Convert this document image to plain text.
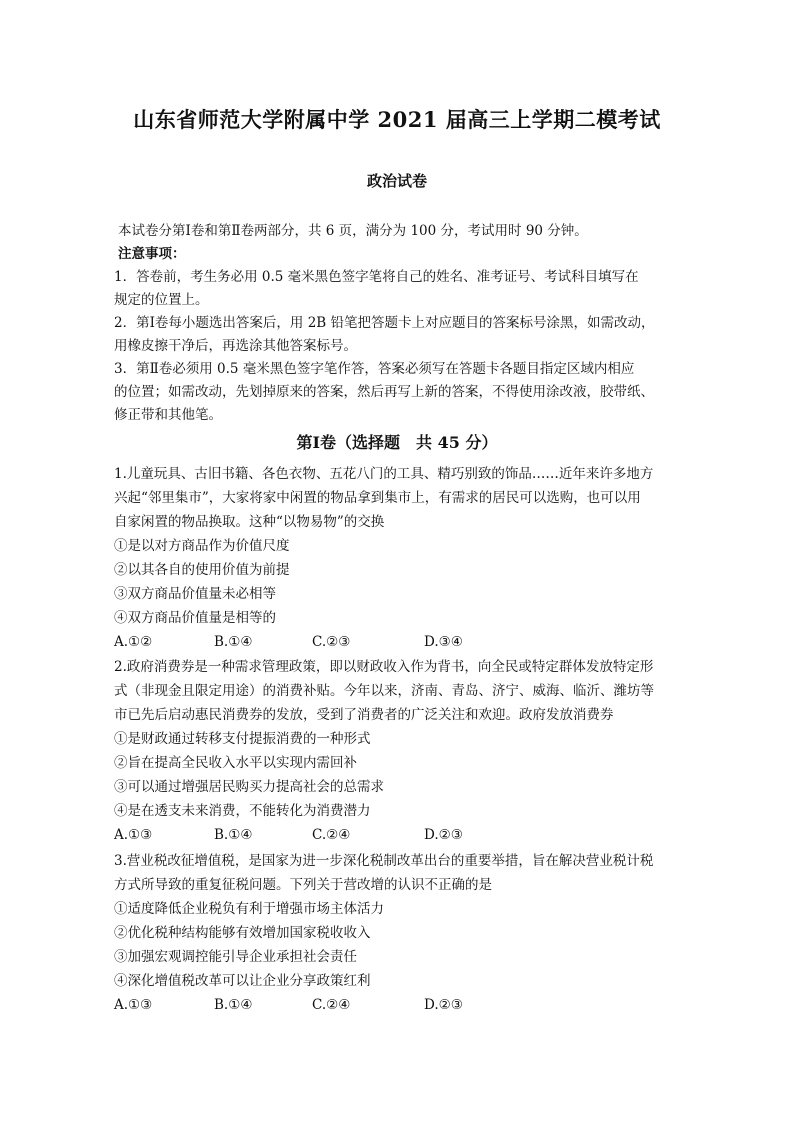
山东省师范大学附属中学 2021 届高三上学期二模考试
政治试卷
本试卷分第Ⅰ卷和第Ⅱ卷两部分，共 6 页，满分为 100 分，考试用时 90 分钟。
注意事项：
1．答卷前，考生务必用 0.5 毫米黑色签字笔将自己的姓名、准考证号、考试科目填写在
规定的位置上。
2．第Ⅰ卷每小题选出答案后，用 2B 铅笔把答题卡上对应题目的答案标号涂黑，如需改动，
用橡皮擦干净后，再选涂其他答案标号。
3．第Ⅱ卷必须用 0.5 毫米黑色签字笔作答，答案必须写在答题卡各题目指定区域内相应
的位置；如需改动，先划掉原来的答案，然后再写上新的答案，不得使用涂改液，胶带纸、
修正带和其他笔。
第Ⅰ卷（选择题　共 45 分）
1.儿童玩具、古旧书籍、各色衣物、五花八门的工具、精巧别致的饰品……近年来许多地方
兴起“邻里集市”，大家将家中闲置的物品拿到集市上，有需求的居民可以选购，也可以用
自家闲置的物品换取。这种“以物易物”的交换
①是以对方商品作为价值尺度
②以其各自的使用价值为前提
③双方商品价值量未必相等
④双方商品价值量是相等的
A.①②	B.①④	C.②③	D.③④
2.政府消费券是一种需求管理政策，即以财政收入作为背书，向全民或特定群体发放特定形
式（非现金且限定用途）的消费补贴。今年以来，济南、青岛、济宁、威海、临沂、潍坊等
市已先后启动惠民消费券的发放，受到了消费者的广泛关注和欢迎。政府发放消费券
①是财政通过转移支付提振消费的一种形式
②旨在提高全民收入水平以实现内需回补
③可以通过增强居民购买力提高社会的总需求
④是在透支未来消费，不能转化为消费潜力
A.①③	B.①④	C.②④	D.②③
3.营业税改征增值税，是国家为进一步深化税制改革出台的重要举措，旨在解决营业税计税
方式所导致的重复征税问题。下列关于营改增的认识不正确的是
①适度降低企业税负有利于增强市场主体活力
②优化税种结构能够有效增加国家税收收入
③加强宏观调控能引导企业承担社会责任
④深化增值税改革可以让企业分享政策红利
A.①③	B.①④	C.②④	D.②③
